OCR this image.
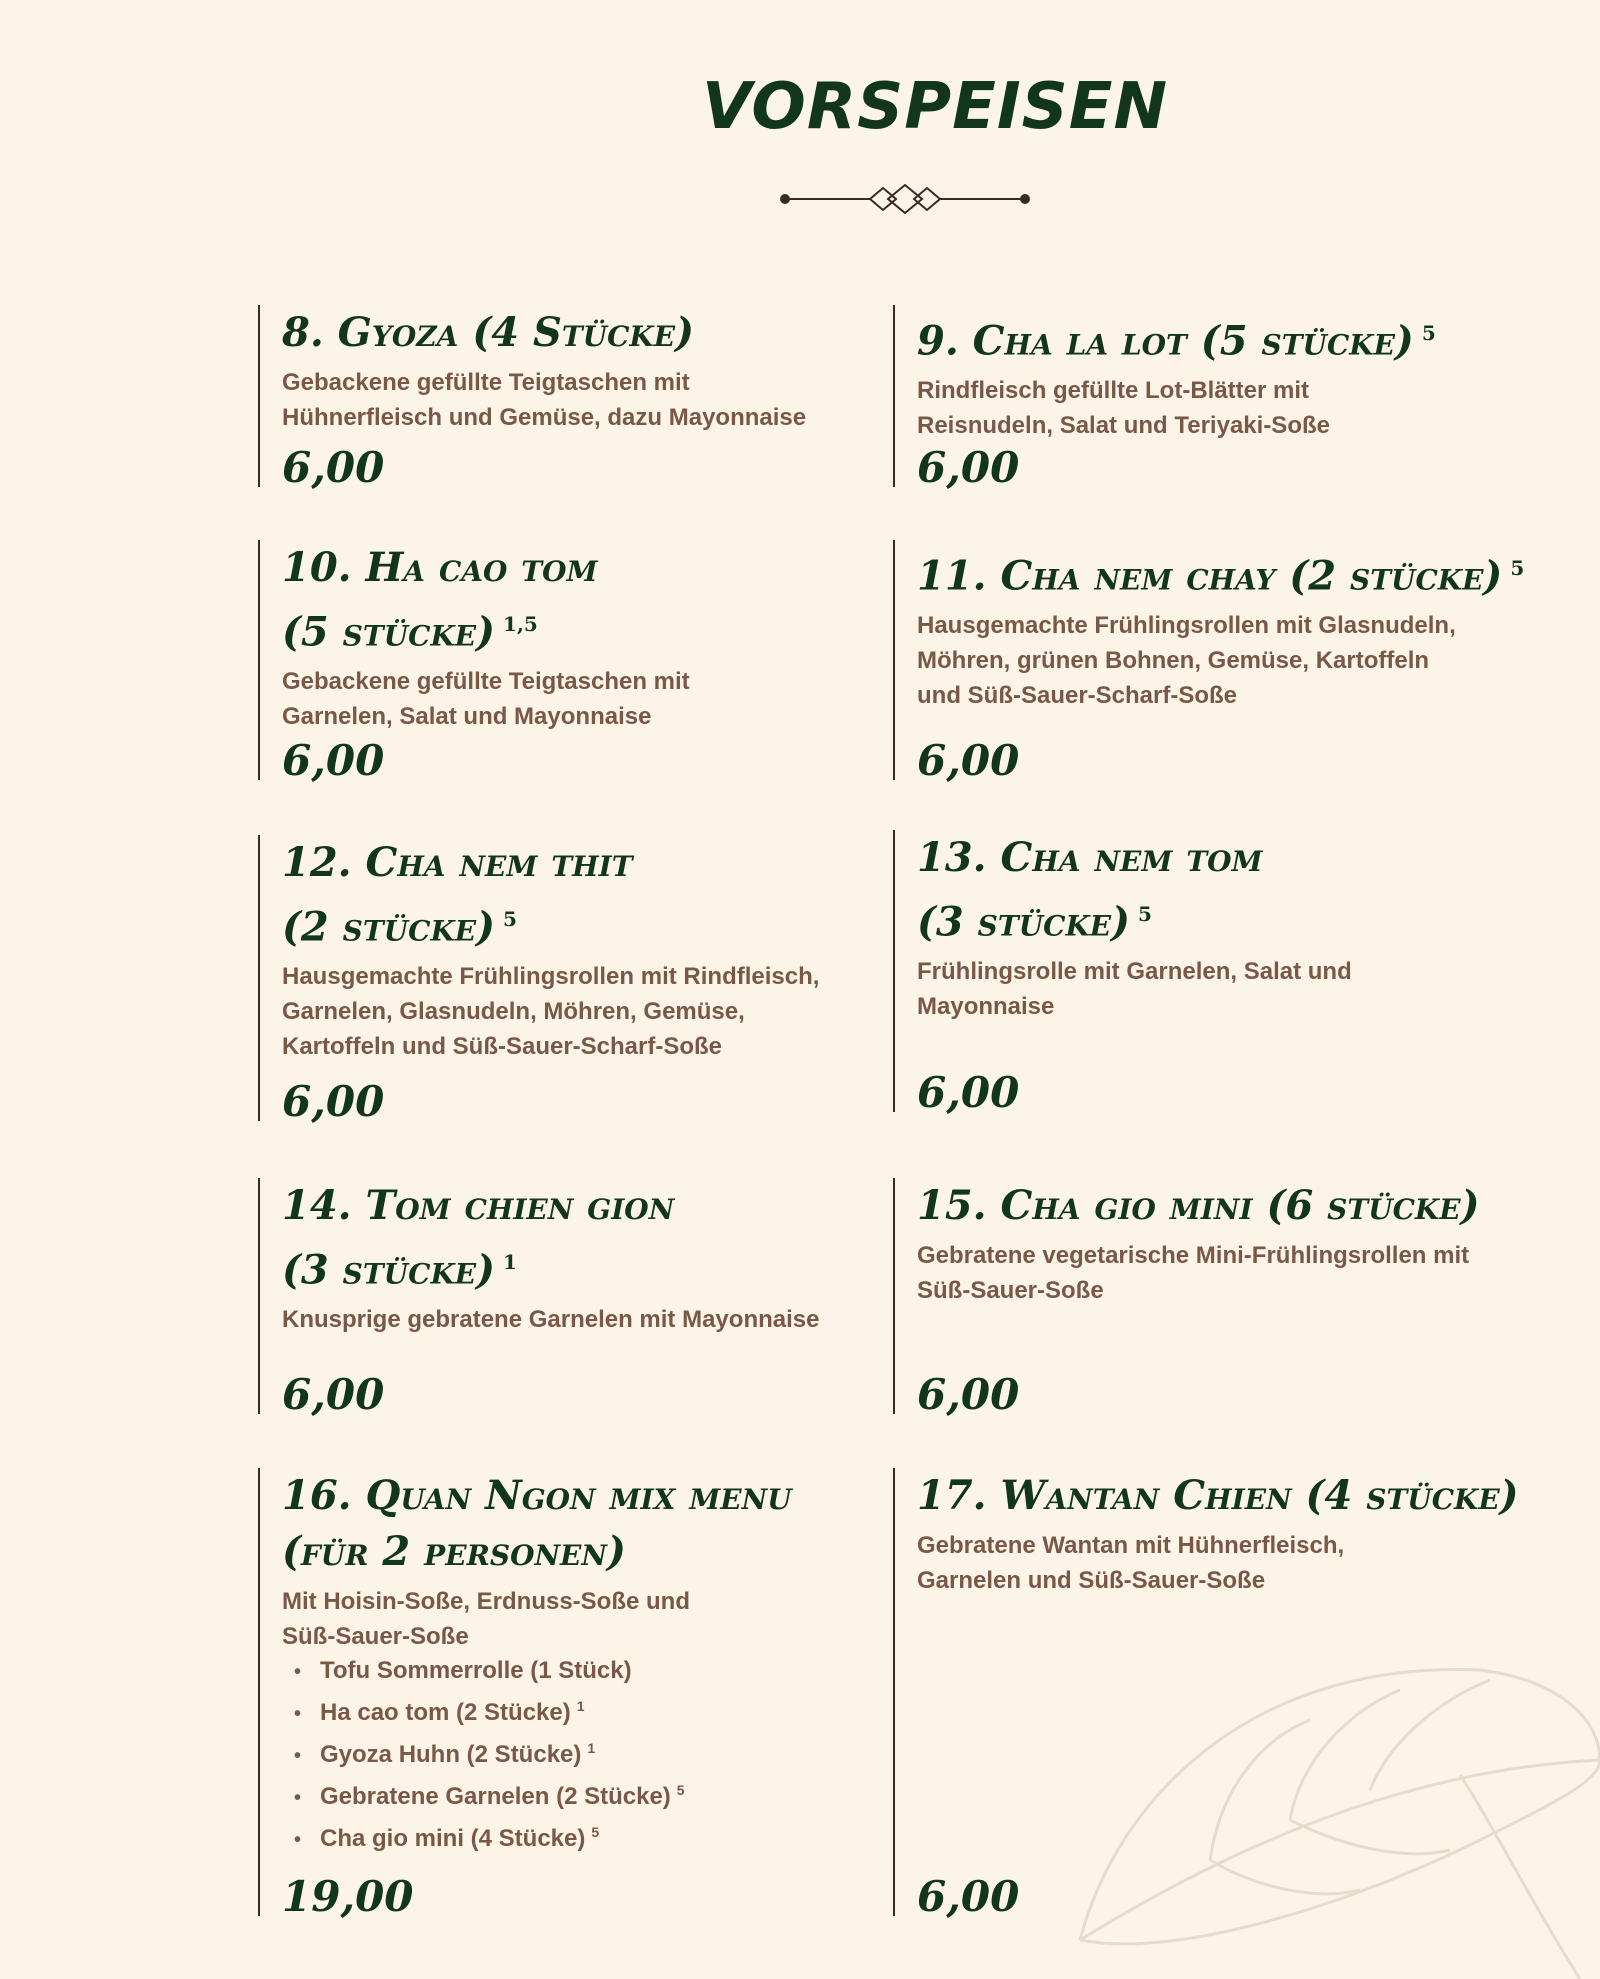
VORSPEISEN
8. Gyoza (4 Stücke)
Gebackene gefüllte Teigtaschen mit
Hühnerfleisch und Gemüse, dazu Mayonnaise
6,00
9. Cha la lot (5 stücke) $^5$
Rindfleisch gefüllte Lot-Blätter mit
Reisnudeln, Salat und Teriyaki-Soße
6,00
10. Ha cao tom
(5 stücke) $^{1,5}$
Gebackene gefüllte Teigtaschen mit
Garnelen, Salat und Mayonnaise
6,00
11. Cha nem chay (2 stücke) $^5$
Hausgemachte Frühlingsrollen mit Glasnudeln,
Möhren, grünen Bohnen, Gemüse, Kartoffeln
und Süß-Sauer-Scharf-Soße
6,00
12. Cha nem thit
(2 stücke) $^5$
Hausgemachte Frühlingsrollen mit Rindfleisch,
Garnelen, Glasnudeln, Möhren, Gemüse,
Kartoffeln und Süß-Sauer-Scharf-Soße
6,00
13. Cha nem tom
(3 stücke) $^5$
Frühlingsrolle mit Garnelen, Salat und
Mayonnaise
6,00
14. Tom chien gion
(3 stücke) $^1$
Knusprige gebratene Garnelen mit Mayonnaise
6,00
15. Cha gio mini (6 stücke)
Gebratene vegetarische Mini-Frühlingsrollen mit
Süß-Sauer-Soße
6,00
16. Quan Ngon mix menu
(für 2 personen)
Mit Hoisin-Soße, Erdnuss-Soße und
Süß-Sauer-Soße
• Tofu Sommerrolle (1 Stück)
• Ha cao tom (2 Stücke) $^1$
• Gyoza Huhn (2 Stücke) $^1$
• Gebratene Garnelen (2 Stücke) $^5$
• Cha gio mini (4 Stücke) $^5$
19,00
17. Wantan Chien (4 stücke)
Gebratene Wantan mit Hühnerfleisch,
Garnelen und Süß-Sauer-Soße
6,00
